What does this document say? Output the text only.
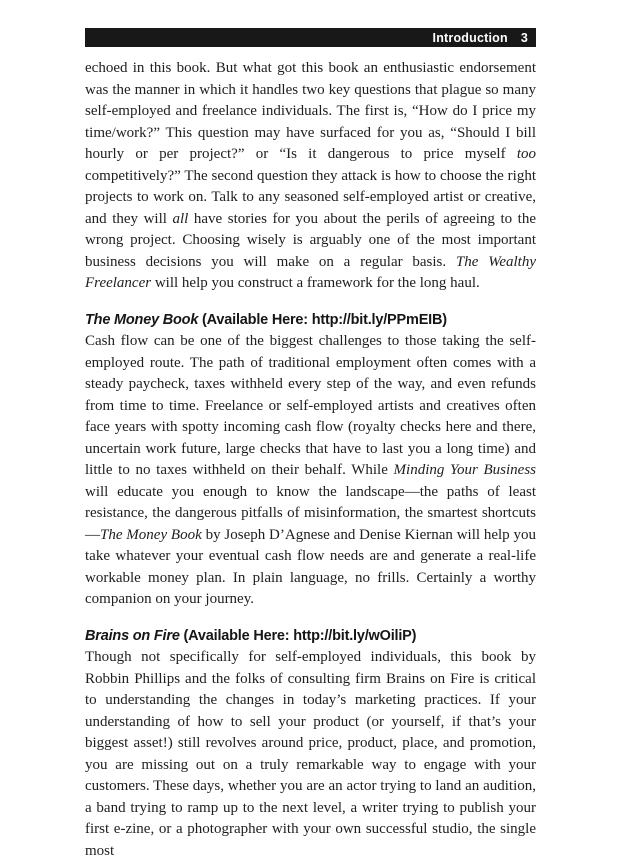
Introduction 3

echoed in this book. But what got this book an enthusiastic endorsement was the manner in which it handles two key questions that plague so many self-employed and freelance individuals. The first is, “How do I price my time/work?” This question may have surfaced for you as, “Should I bill hourly or per project?” or “Is it dangerous to price myself too competitively?” The second question they attack is how to choose the right projects to work on. Talk to any seasoned self-employed artist or creative, and they will all have stories for you about the perils of agreeing to the wrong project. Choosing wisely is arguably one of the most important business decisions you will make on a regular basis. The Wealthy Freelancer will help you construct a framework for the long haul.

The Money Book (Available Here: http://bit.ly/PPmEIB)

Cash flow can be one of the biggest challenges to those taking the self-employed route. The path of traditional employment often comes with a steady paycheck, taxes withheld every step of the way, and even refunds from time to time. Freelance or self-employed artists and creatives often face years with spotty incoming cash flow (royalty checks here and there, uncertain work future, large checks that have to last you a long time) and little to no taxes withheld on their behalf. While Minding Your Business will educate you enough to know the landscape—the paths of least resistance, the dangerous pitfalls of misinformation, the smartest shortcuts—The Money Book by Joseph D’Agnese and Denise Kiernan will help you take whatever your eventual cash flow needs are and generate a real-life workable money plan. In plain language, no frills. Certainly a worthy companion on your journey.

Brains on Fire (Available Here: http://bit.ly/wOiliP)

Though not specifically for self-employed individuals, this book by Robbin Phillips and the folks of consulting firm Brains on Fire is critical to understanding the changes in today’s marketing practices. If your understanding of how to sell your product (or yourself, if that’s your biggest asset!) still revolves around price, product, place, and promotion, you are missing out on a truly remarkable way to engage with your customers. These days, whether you are an actor trying to land an audition, a band trying to ramp up to the next level, a writer trying to publish your first e-zine, or a photographer with your own successful studio, the single most
